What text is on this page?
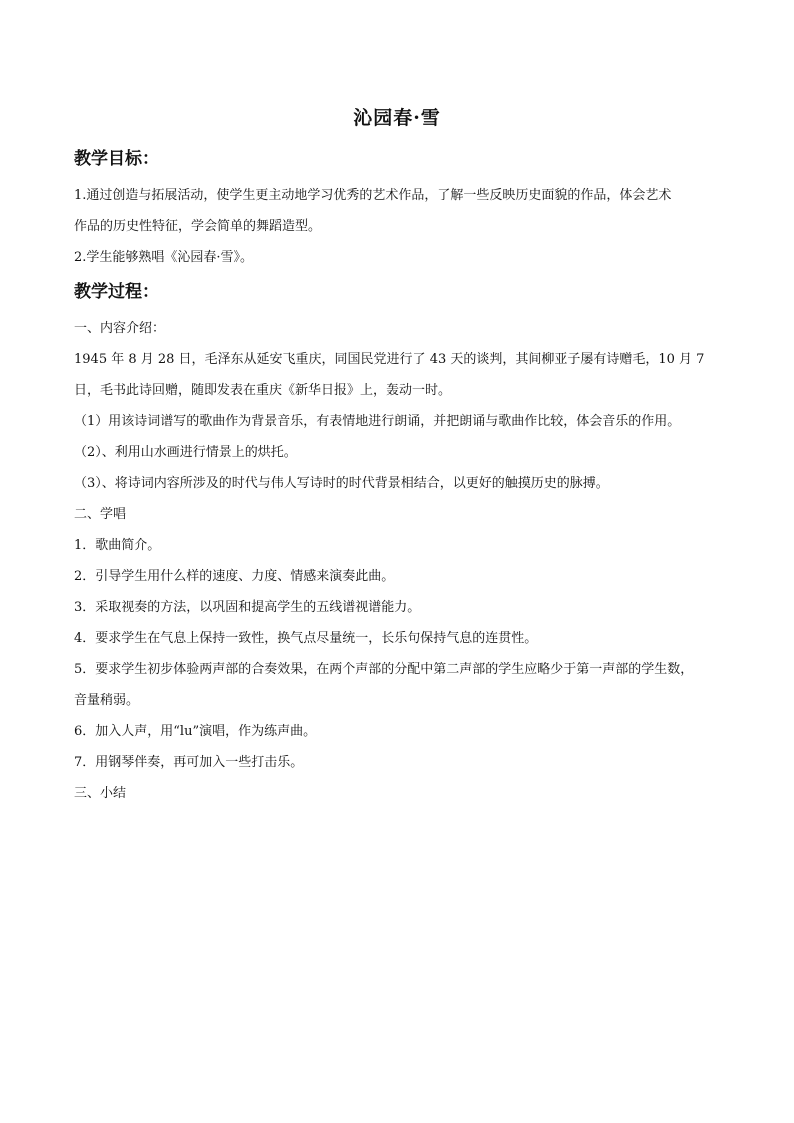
沁园春·雪
教学目标：

1.通过创造与拓展活动，使学生更主动地学习优秀的艺术作品，了解一些反映历史面貌的作品，体会艺术

作品的历史性特征，学会简单的舞蹈造型。

2.学生能够熟唱《沁园春·雪》。

教学过程：

一、内容介绍：

1945 年 8 月 28 日，毛泽东从延安飞重庆，同国民党进行了 43 天的谈判，其间柳亚子屡有诗赠毛，10 月 7

日，毛书此诗回赠，随即发表在重庆《新华日报》上，轰动一时。

（1）用该诗词谱写的歌曲作为背景音乐，有表情地进行朗诵，并把朗诵与歌曲作比较，体会音乐的作用。

（2）、利用山水画进行情景上的烘托。

（3）、将诗词内容所涉及的时代与伟人写诗时的时代背景相结合，以更好的触摸历史的脉搏。

二、学唱

1．歌曲简介。

2．引导学生用什么样的速度、力度、情感来演奏此曲。

3．采取视奏的方法，以巩固和提高学生的五线谱视谱能力。

4．要求学生在气息上保持一致性，换气点尽量统一，长乐句保持气息的连贯性。

5．要求学生初步体验两声部的合奏效果，在两个声部的分配中第二声部的学生应略少于第一声部的学生数，

音量稍弱。

6．加入人声，用“lu”演唱，作为练声曲。

7．用钢琴伴奏，再可加入一些打击乐。

三、小结
